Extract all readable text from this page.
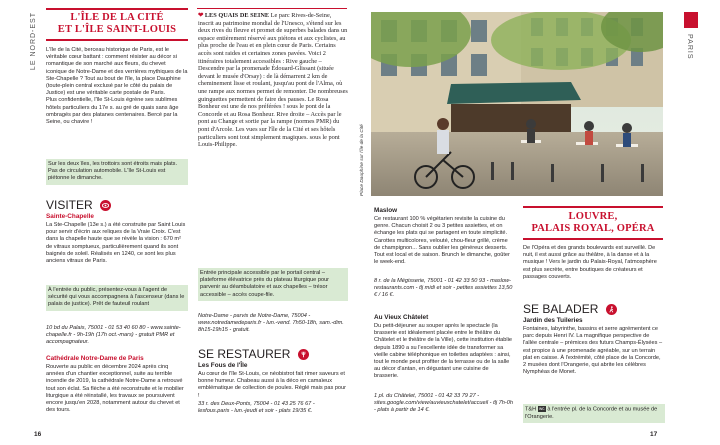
LE NORD-EST	L'ÎLE DE LA CITÉ
ET L'ÎLE SAINT-LOUIS

L'île de la Cité, berceau historique de Paris, est le véritable cœur battant : comment résister au décor si romantique de son marché aux fleurs, du chevet iconique de Notre-Dame et des verrières mythiques de la Ste-Chapelle ? Tout au bout de l'île, la place Dauphine (toute-plein central exclusé par le côté du palais de Justice) est une véritable carte postale de Paris.
Plus confidentielle, l'île St-Louis égrène ses sublimes hôtels particuliers du 17e s. au gré de quais sans âge ombragés par des platanes centenaires. Bercé par la Seine, ou chavire !

Sur les deux îles, les trottoirs sont étroits mais plats. Pas de circulation automobile. L'île St-Louis est piétonne le dimanche.
VISITER
Sainte-Chapelle

La Ste-Chapelle (13e s.) a été construite par Saint Louis pour servir d'écrin aux reliques de la Vraie Croix. C'est dans la chapelle haute que se révèle la vision : 670 m² de vitraux somptueux, particulièrement quand ils sont baignés de soleil. Réalisés en 1240, ce sont les plus anciens vitraux de Paris.

À l'entrée du public, présentez-vous à l'agent de sécurité qui vous accompagnera à l'ascenseur (dans le palais de justice). Prêt de fauteuil roulant

10 bd du Palais, 75001 - 01 53 40 60 80 - www.sainte-chapelle.fr - 9h-19h (17h oct.-mars) - gratuit PMR et accompagnateur.

Cathédrale Notre-Dame de Paris

Rouverte au public en décembre 2024 après cinq années d'un chantier exceptionnel, suite au terrible incendie de 2019, la cathédrale Notre-Dame a retrouvé tout son éclat. Sa flèche a été reconstruite et le mobilier liturgique a été réinstallé, les travaux se poursuivent encore jusqu'en 2028, notamment autour du chevet et des tours.

16
❤ LES QUAIS DE SEINE Le parc Rives-de-Seine, inscrit au patrimoine mondial de l'Unesco, s'étend sur les deux rives du fleuve et promet de superbes balades dans un espace entièrement réservé aux piétons et aux cyclistes, au plus proche de l'eau et en plein cœur de Paris. Certains accès sont raides et certaines zones pavées. Voici 2 itinéraires totalement accessibles : Rive gauche – Descendre par la promenade Édouard-Glissant (située devant le musée d'Orsay) : de là démarrent 2 km de cheminement lisse et roulant, jusqu'au pont de l'Alma, où une rampe aux normes permet de remonter. De nombreuses guinguettes permettent de faire des pauses. Le Rosa Bonheur est une de nos préférées ! sous le pont de la Concorde et au Rosa Bonheur. Rive droite – Accès par le pont au Change et sortie par la rampe (normes PMR) du pont d'Arcole. Les vues sur l'île de la Cité et ses hôtels particuliers sont tout simplement magiques. sous le pont Louis-Philippe.
Entrée principale accessible par le portail central – plateforme élévatrice près du plateau liturgique pour parvenir au déambulatoire et aux chapelles – trésor accessible – accès coupe-file.

Notre-Dame - parvis de Notre-Dame, 75004 - www.notredamedeparis.fr - lun.-vend. 7h50-18h, sam.-dim. 8h15-19h15 - gratuit.

SE RESTAURER
Les Fous de l'Île

Au cœur de l'île St-Louis, ce néobistrot fait rimer saveurs et bonne humeur. Chabeau aussi à la déco en camaïeux emblématique de collection de poules. Réglé mais pas pour !

33 r. des Deux-Ponts, 75004 - 01 43 25 76 67 - lesfous.paris - lun.-jeudi et soir - plats 19/35 €.

Place Dauphine sur l'île de la Cité
Maslow

Ce restaurant 100 % végétarien revisite la cuisine du genre. Chacun choisit 2 ou 3 petites assiettes, et on échange les plats qui se partagent en toute simplicité. Carottes multicolores, velouté, chou-fleur grillé, crème de champignon... Sans oublier les généreux desserts. Tout est local et de saison. Brunch le dimanche, goûter le week-end.

8 r. de la Mégisserie, 75001 - 01 42 33 50 93 - maslow-restaurants.com - tlj midi et soir - petites assiettes 13,50 € / 16 €.

Au Vieux Châtelet

Du petit-déjeuner au souper après le spectacle (la brasserie est idéalement placée entre le théâtre du Châtelet et le théâtre de la Ville), cette institution établie depuis 1890 a su l'excellente idée de transformer sa vieille cabine téléphonique en toilettes adaptées : ainsi, tout le monde peut profiter de la terrasse ou de la salle au décor d'antan, en dégustant une cuisine de brasserie.

1 pl. du Châtelet, 75001 - 01 42 33 79 27 - sites.google.com/view/auvieuxchatelet/accueil - tlj 7h-0h - plats à partir de 14 €.

LOUVRE,
PALAIS ROYAL, OPÉRA

De l'Opéra et des grands boulevards est surveillé. De nuit, il est aussi grâce au théâtre, à la danse et à la musique ! Vers le jardin du Palais-Royal, l'atmosphère est plus secrète, entre boutiques de créateurs et passages couverts.

SE BALADER
Jardin des Tuileries

Fontaines, labyrinthe, bassins et serre agrémentent ce parc depuis Henri IV. La magnifique perspective de l'allée centrale – prémices des futurs Champs-Élysées – est propice à une promenade agréable, sur un terrain plat en caisse. À l'extrémité, côté place de la Concorde, 2 musées dont l'Orangerie, qui abrite les célèbres Nymphéas de Monet.

T&H wc à l'entrée pl. de la Concorde et au musée de l'Orangerie.
17
PARIS
